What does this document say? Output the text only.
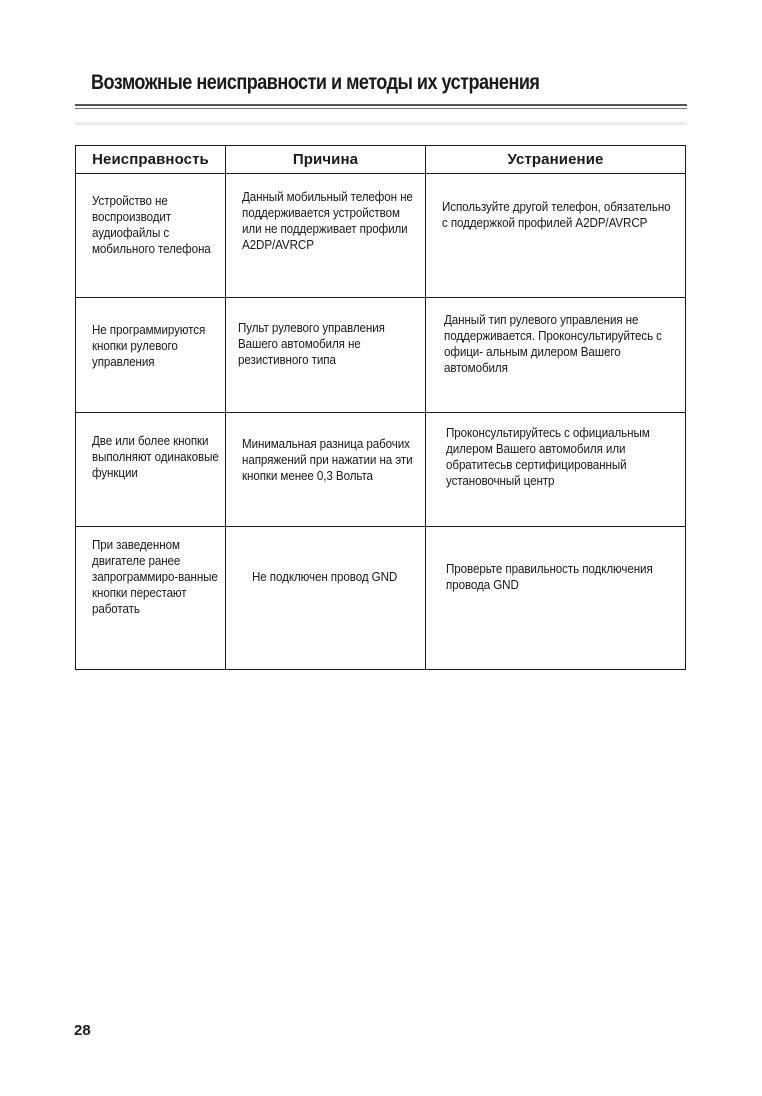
Возможные неисправности и методы их устранения
Неисправность	Причина	Устраниение

Устройство не воспроизводит аудиофайлы с мобильного телефона	Данный мобильный телефон не поддерживается устройством или не поддерживает профили A2DP/AVRCP	Используйте другой телефон, обязательно с поддержкой профилей A2DP/AVRCP

Не программируются кнопки рулевого управления	Пульт рулевого управления Вашего автомобиля не резистивного типа	Данный тип рулевого управления не поддерживается. Проконсультируйтесь с офици- альным дилером Вашего автомобиля

Две или более кнопки выполняют одинаковые функции	Минимальная разница рабочих напряжений при нажатии на эти кнопки менее 0,3 Вольта	Проконсультируйтесь с официальным дилером Вашего автомобиля или обратитесьв сертифицированный установочный центр

При заведенном двигателе ранее запрограммиро-ванные кнопки перестают работать	Не подключен провод GND	Проверьте правильность подключения провода GND
28
